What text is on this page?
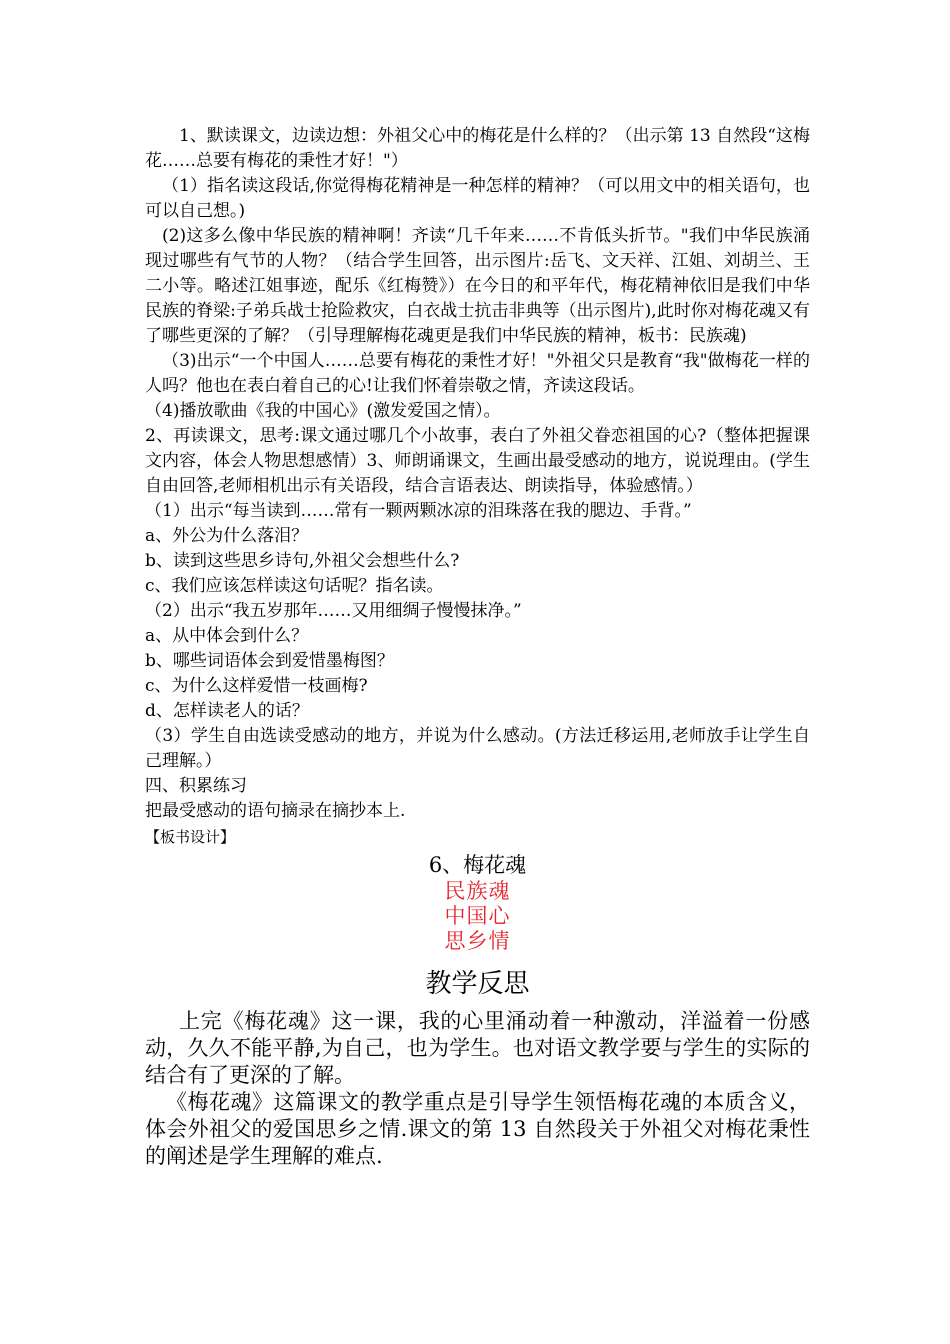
1、默读课文，边读边想：外祖父心中的梅花是什么样的？（出示第 13 自然段“这梅花……总要有梅花的秉性才好！"）

（1）指名读这段话,你觉得梅花精神是一种怎样的精神？（可以用文中的相关语句，也可以自己想。)

(2)这多么像中华民族的精神啊！齐读“几千年来……不肯低头折节。"我们中华民族涌现过哪些有气节的人物？（结合学生回答，出示图片:岳飞、文天祥、江姐、刘胡兰、王二小等。略述江姐事迹，配乐《红梅赞》）在今日的和平年代，梅花精神依旧是我们中华民族的脊梁:子弟兵战士抢险救灾，白衣战士抗击非典等（出示图片),此时你对梅花魂又有了哪些更深的了解？（引导理解梅花魂更是我们中华民族的精神，板书：民族魂)

（3)出示“一个中国人……总要有梅花的秉性才好！"外祖父只是教育“我"做梅花一样的人吗？他也在表白着自己的心!让我们怀着崇敬之情，齐读这段话。

（4)播放歌曲《我的中国心》(激发爱国之情）。

2、再读课文，思考:课文通过哪几个小故事，表白了外祖父眷恋祖国的心?（整体把握课文内容，体会人物思想感情）3、师朗诵课文，生画出最受感动的地方，说说理由。(学生自由回答,老师相机出示有关语段，结合言语表达、朗读指导，体验感情。）

（1）出示“每当读到……常有一颗两颗冰凉的泪珠落在我的腮边、手背。”

a、外公为什么落泪？

b、读到这些思乡诗句,外祖父会想些什么?

c、我们应该怎样读这句话呢？指名读。

（2）出示“我五岁那年……又用细绸子慢慢抹净。”

a、从中体会到什么？

b、哪些词语体会到爱惜墨梅图？

c、为什么这样爱惜一枝画梅?

d、怎样读老人的话？

（3）学生自由选读受感动的地方，并说为什么感动。(方法迁移运用,老师放手让学生自己理解。）

四、积累练习

把最受感动的语句摘录在摘抄本上.

【板书设计】

6、梅花魂
民族魂
中国心
思乡情
教学反思

上完《梅花魂》这一课，我的心里涌动着一种激动，洋溢着一份感动，久久不能平静,为自己，也为学生。也对语文教学要与学生的实际的结合有了更深的了解。

《梅花魂》这篇课文的教学重点是引导学生领悟梅花魂的本质含义，体会外祖父的爱国思乡之情.课文的第 13 自然段关于外祖父对梅花秉性的阐述是学生理解的难点.
